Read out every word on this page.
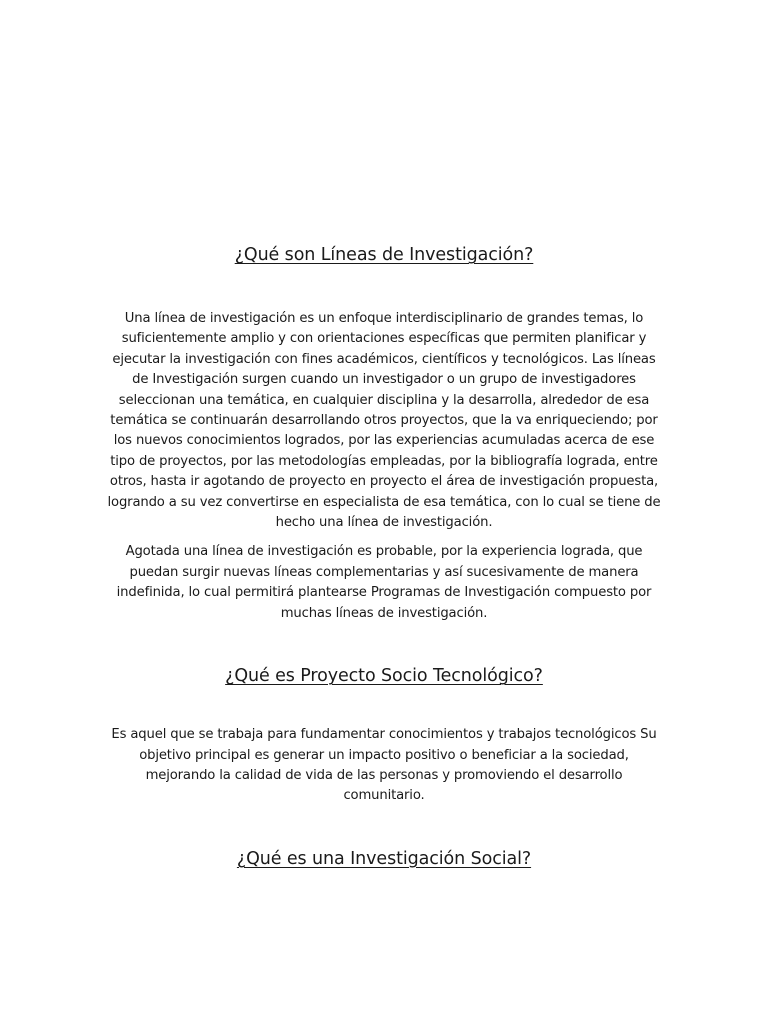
¿Qué son Líneas de Investigación?

Una línea de investigación es un enfoque interdisciplinario de grandes temas, lo suficientemente amplio y con orientaciones específicas que permiten planificar y ejecutar la investigación con fines académicos, científicos y tecnológicos. Las líneas de Investigación surgen cuando un investigador o un grupo de investigadores seleccionan una temática, en cualquier disciplina y la desarrolla, alrededor de esa temática se continuarán desarrollando otros proyectos, que la va enriqueciendo; por los nuevos conocimientos logrados, por las experiencias acumuladas acerca de ese tipo de proyectos, por las metodologías empleadas, por la bibliografía lograda, entre otros, hasta ir agotando de proyecto en proyecto el área de investigación propuesta, logrando a su vez convertirse en especialista de esa temática, con lo cual se tiene de hecho una línea de investigación.

Agotada una línea de investigación es probable, por la experiencia lograda, que puedan surgir nuevas líneas complementarias y así sucesivamente de manera indefinida, lo cual permitirá plantearse Programas de Investigación compuesto por muchas líneas de investigación.

¿Qué es Proyecto Socio Tecnológico?

Es aquel que se trabaja para fundamentar conocimientos y trabajos tecnológicos Su objetivo principal es generar un impacto positivo o beneficiar a la sociedad, mejorando la calidad de vida de las personas y promoviendo el desarrollo comunitario.

¿Qué es una Investigación Social?
